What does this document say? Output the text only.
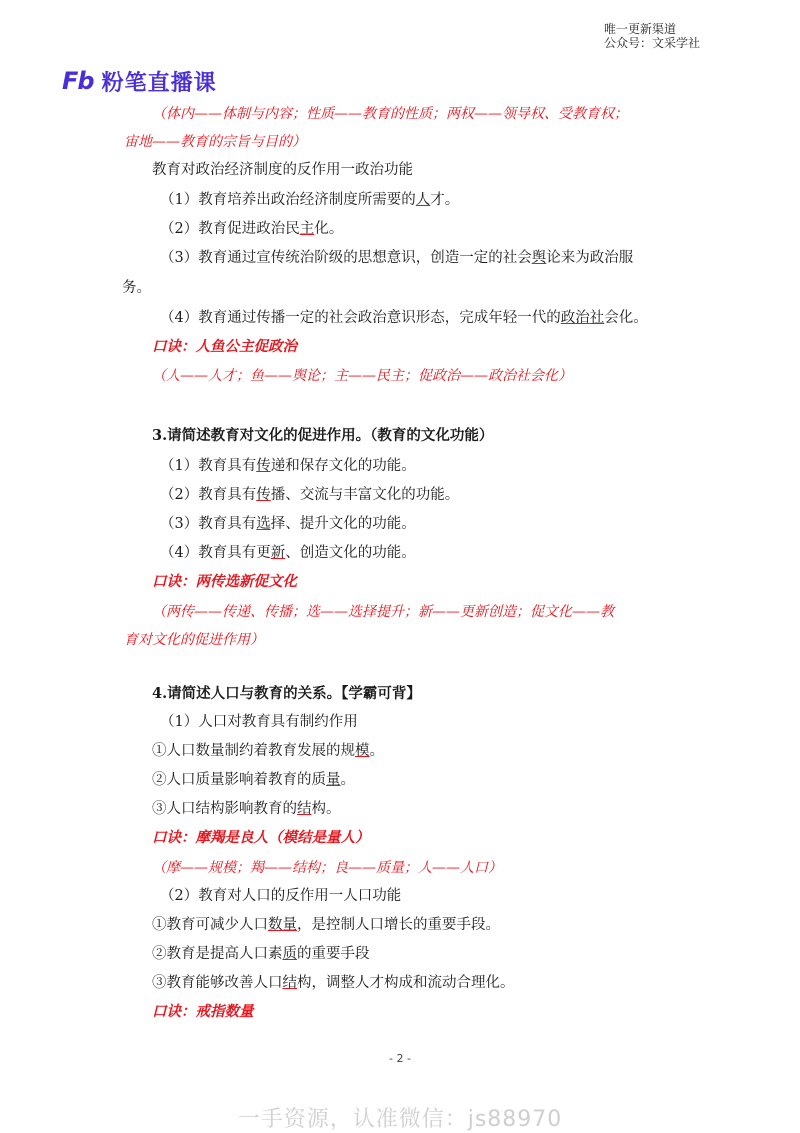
唯一更新渠道
公众号：文采学社
Fb 粉笔直播课
（体内——体制与内容；性质——教育的性质；两权——领导权、受教育权；
宙地——教育的宗旨与目的）
教育对政治经济制度的反作用一政治功能
（1）教育培养出政治经济制度所需要的人才。
（2）教育促进政治民主化。
（3）教育通过宣传统治阶级的思想意识，创造一定的社会舆论来为政治服
务。
（4）教育通过传播一定的社会政治意识形态，完成年轻一代的政治社会化。
口诀：人鱼公主促政治
（人——人才；鱼——舆论；主——民主；促政治——政治社会化）
3.请简述教育对文化的促进作用。（教育的文化功能）
（1）教育具有传递和保存文化的功能。
（2）教育具有传播、交流与丰富文化的功能。
（3）教育具有选择、提升文化的功能。
（4）教育具有更新、创造文化的功能。
口诀：两传选新促文化
（两传——传递、传播；选——选择提升；新——更新创造；促文化——教
育对文化的促进作用）
4.请简述人口与教育的关系。【学霸可背】
（1）人口对教育具有制约作用
①人口数量制约着教育发展的规模。
②人口质量影响着教育的质量。
③人口结构影响教育的结构。
口诀：摩羯是良人（模结是量人）
（摩——规模；羯——结构；良——质量；人——人口）
（2）教育对人口的反作用一人口功能
①教育可减少人口数量，是控制人口增长的重要手段。
②教育是提高人口素质的重要手段
③教育能够改善人口结构，调整人才构成和流动合理化。
口诀：戒指数量
- 2 -
一手资源，认准微信：js88970
